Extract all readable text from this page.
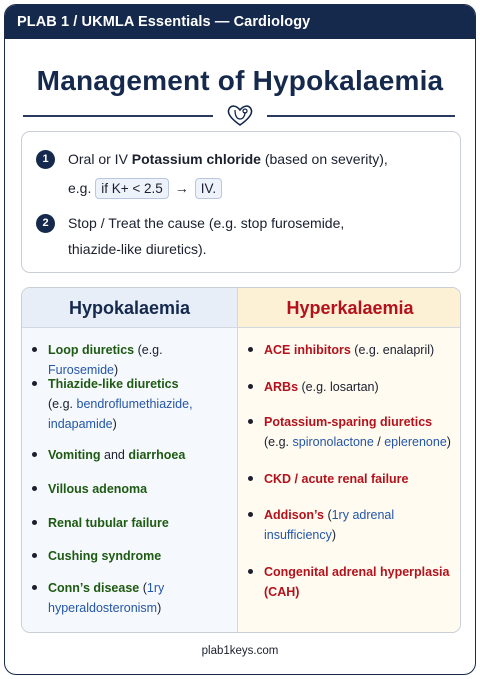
PLAB 1 / UKMLA Essentials — Cardiology
Management of Hypokalaemia
1	Oral or IV Potassium chloride (based on severity),
e.g. if K+ < 2.5 → IV.
2	Stop / Treat the cause (e.g. stop furosemide,
thiazide-like diuretics).
Hypokalaemia
Loop diuretics (e.g. Furosemide)
Thiazide-like diuretics
(e.g. bendroflumethiazide,
indapamide)
Vomiting and diarrhoea
Villous adenoma
Renal tubular failure
Cushing syndrome
Conn’s disease (1ry
hyperaldosteronism)
Hyperkalaemia
ACE inhibitors (e.g. enalapril)
ARBs (e.g. losartan)
Potassium-sparing diuretics
(e.g. spironolactone / eplerenone)
CKD / acute renal failure
Addison’s (1ry adrenal
insufficiency)
Congenital adrenal hyperplasia
(CAH)
plab1keys.com
